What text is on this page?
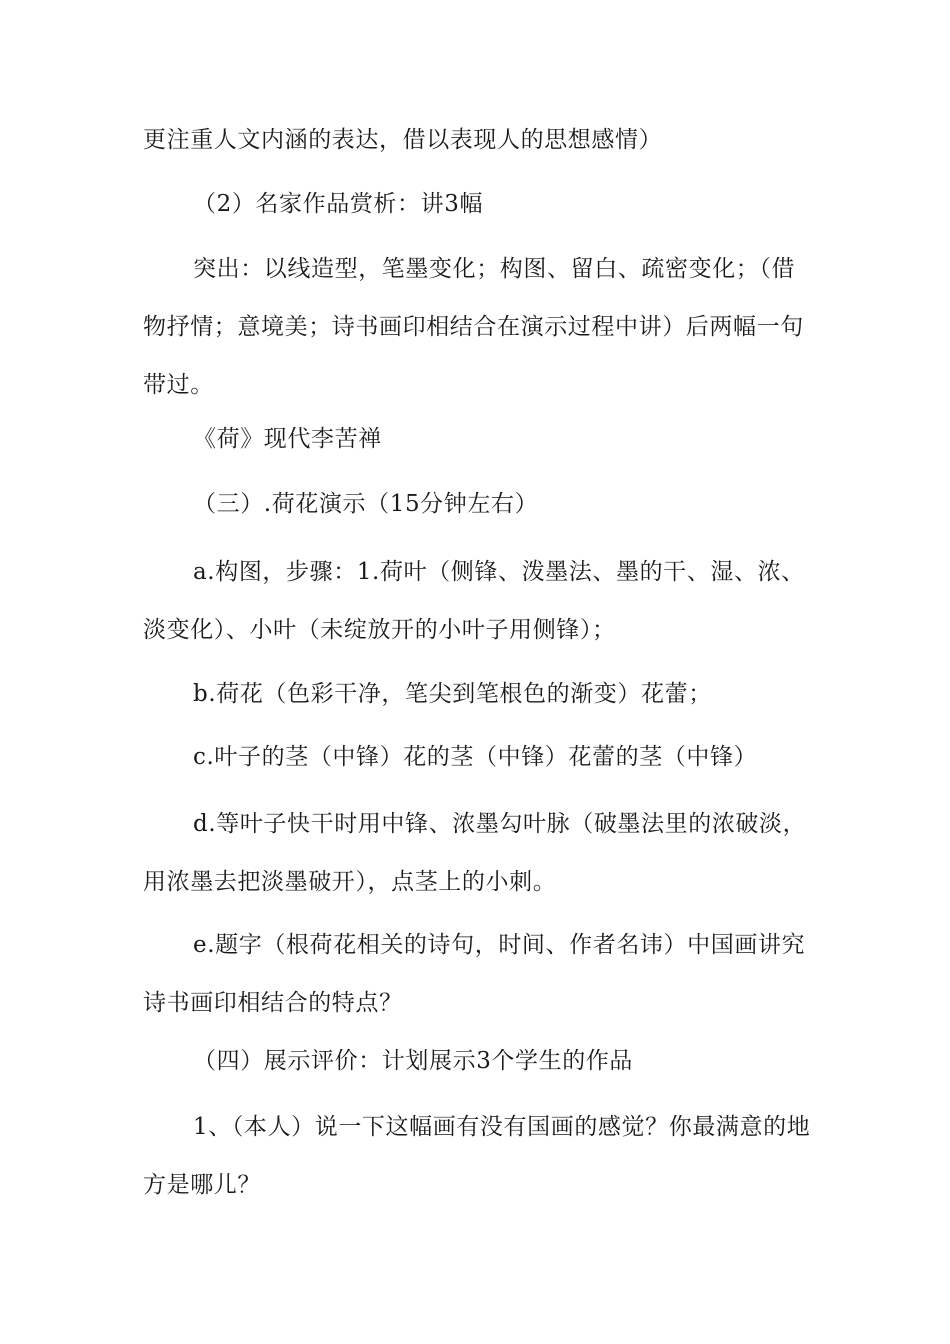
更注重人文内涵的表达，借以表现人的思想感情）

（2）名家作品赏析：讲3幅

突出：以线造型，笔墨变化；构图、留白、疏密变化；（借物抒情；意境美；诗书画印相结合在演示过程中讲）后两幅一句带过。

《荷》现代李苦禅

（三）.荷花演示（15分钟左右）

a.构图，步骤：1.荷叶（侧锋、泼墨法、墨的干、湿、浓、淡变化）、小叶（未绽放开的小叶子用侧锋）；

b.荷花（色彩干净，笔尖到笔根色的渐变）花蕾；

c.叶子的茎（中锋）花的茎（中锋）花蕾的茎（中锋）

d.等叶子快干时用中锋、浓墨勾叶脉（破墨法里的浓破淡，用浓墨去把淡墨破开），点茎上的小刺。

e.题字（根荷花相关的诗句，时间、作者名讳）中国画讲究诗书画印相结合的特点？

（四）展示评价：计划展示3个学生的作品

1、（本人）说一下这幅画有没有国画的感觉？你最满意的地方是哪儿？
